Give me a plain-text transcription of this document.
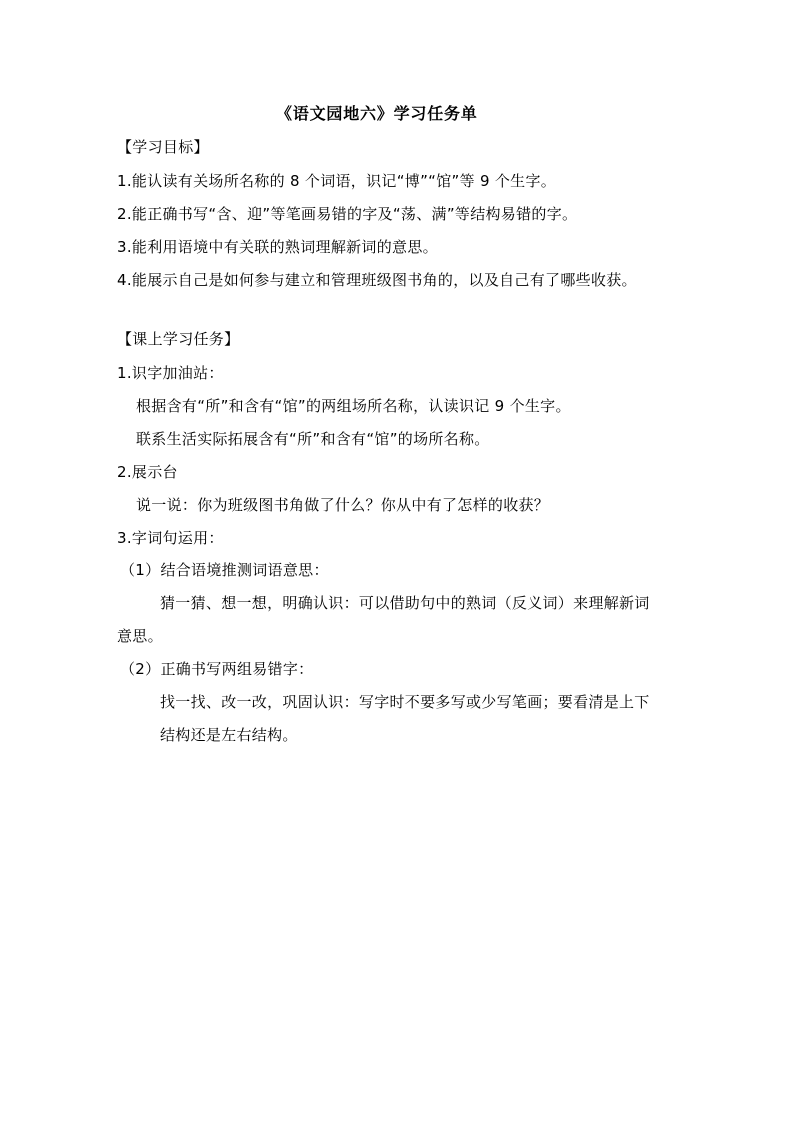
《语文园地六》学习任务单
【学习目标】
1.能认读有关场所名称的 8 个词语，识记“博”“馆”等 9 个生字。
2.能正确书写“含、迎”等笔画易错的字及“荡、满”等结构易错的字。
3.能利用语境中有关联的熟词理解新词的意思。
4.能展示自己是如何参与建立和管理班级图书角的，以及自己有了哪些收获。
【课上学习任务】
1.识字加油站：
根据含有“所”和含有“馆”的两组场所名称，认读识记 9 个生字。
联系生活实际拓展含有“所”和含有“馆”的场所名称。
2.展示台
说一说：你为班级图书角做了什么？你从中有了怎样的收获？
3.字词句运用：
（1）结合语境推测词语意思：
猜一猜、想一想，明确认识：可以借助句中的熟词（反义词）来理解新词
意思。
（2）正确书写两组易错字：
找一找、改一改，巩固认识：写字时不要多写或少写笔画；要看清是上下
结构还是左右结构。
